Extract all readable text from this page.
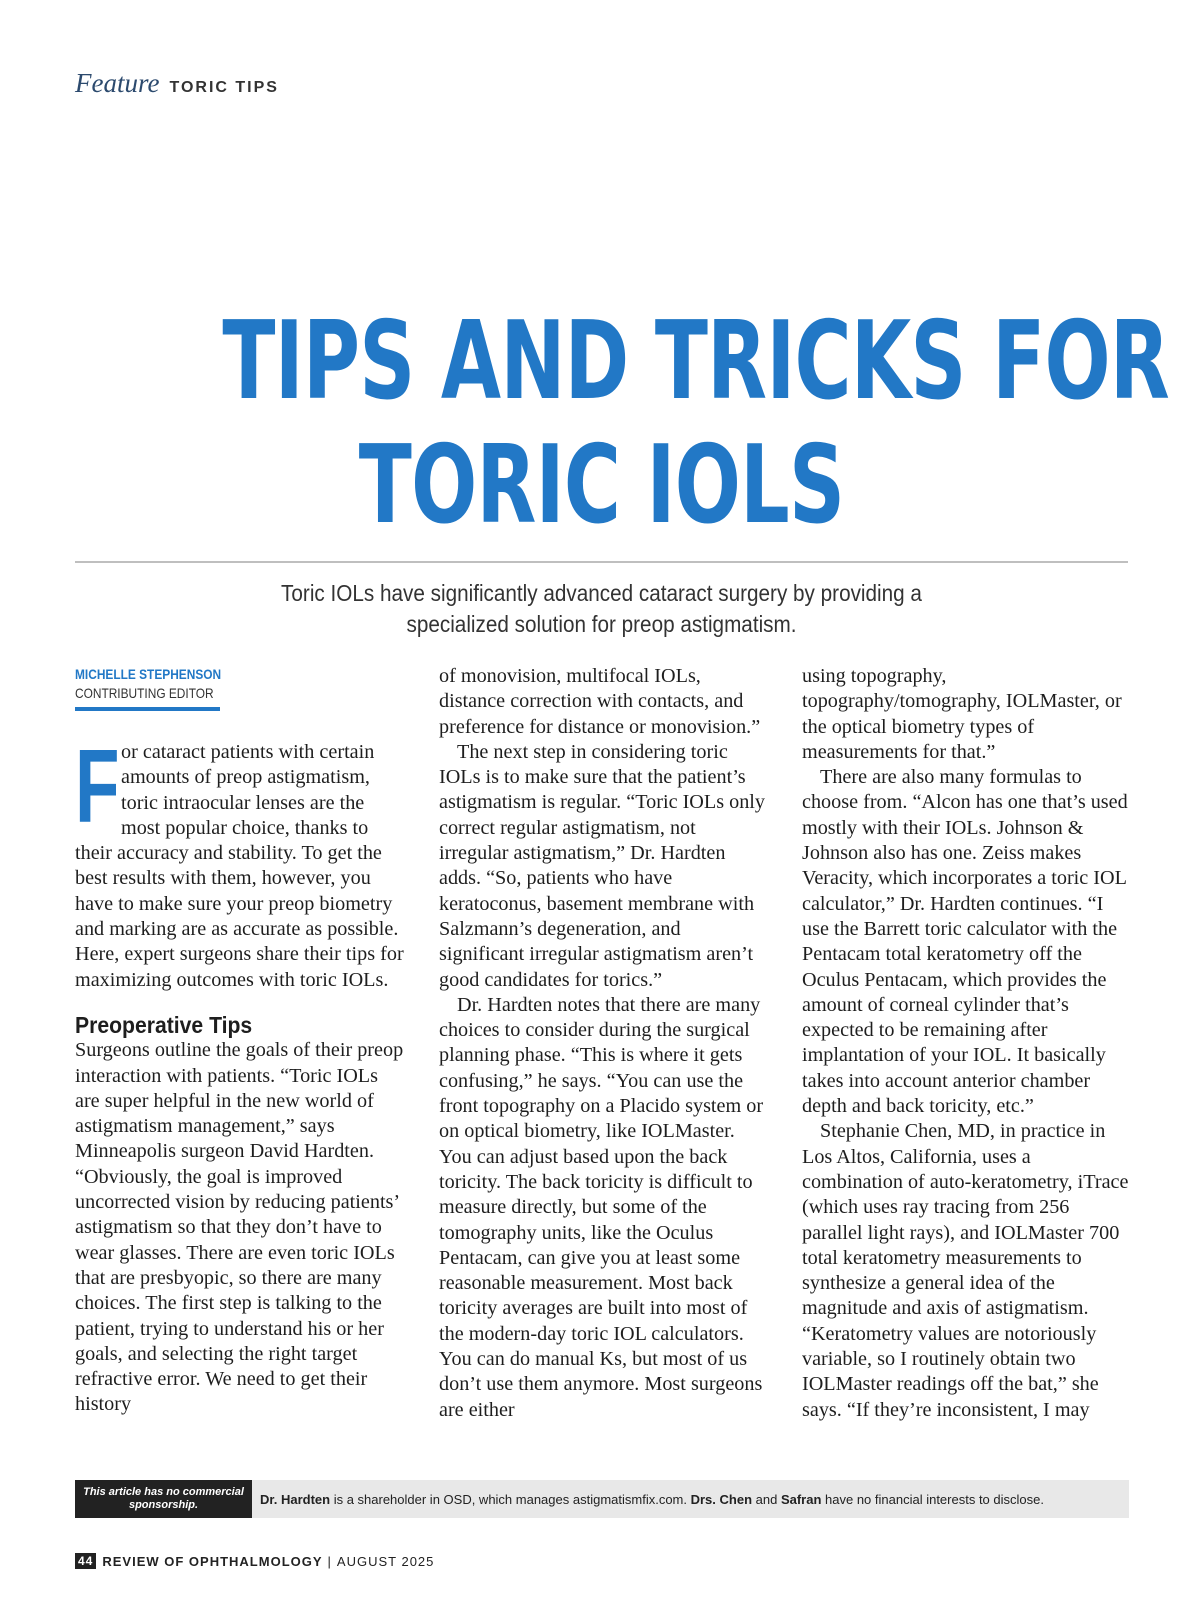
Feature TORIC TIPS
TIPS AND TRICKS FOR
TORIC IOLS
Toric IOLs have significantly advanced cataract surgery by providing a specialized solution for preop astigmatism.
MICHELLE STEPHENSON
CONTRIBUTING EDITOR

For cataract patients with certain amounts of preop astigmatism, toric intraocular lenses are the most popular choice, thanks to their accuracy and stability. To get the best results with them, however, you have to make sure your preop biometry and marking are as accurate as possible. Here, expert surgeons share their tips for maximizing outcomes with toric IOLs.

Preoperative Tips

Surgeons outline the goals of their preop interaction with patients. “Toric IOLs are super helpful in the new world of astigmatism management,” says Minneapolis surgeon David Hardten. “Obviously, the goal is improved uncorrected vision by reducing patients’ astigmatism so that they don’t have to wear glasses. There are even toric IOLs that are presbyopic, so there are many choices. The first step is talking to the patient, trying to understand his or her goals, and selecting the right target refractive error. We need to get their history

of monovision, multifocal IOLs, distance correction with contacts, and preference for distance or monovision.”

The next step in considering toric IOLs is to make sure that the patient’s astigmatism is regular. “Toric IOLs only correct regular astigmatism, not irregular astigmatism,” Dr. Hardten adds. “So, patients who have keratoconus, basement membrane with Salzmann’s degeneration, and significant irregular astigmatism aren’t good candidates for torics.”

Dr. Hardten notes that there are many choices to consider during the surgical planning phase. “This is where it gets confusing,” he says. “You can use the front topography on a Placido system or on optical biometry, like IOLMaster. You can adjust based upon the back toricity. The back toricity is difficult to measure directly, but some of the tomography units, like the Oculus Pentacam, can give you at least some reasonable measurement. Most back toricity averages are built into most of the modern-day toric IOL calculators. You can do manual Ks, but most of us don’t use them anymore. Most surgeons are either

using topography, topography/tomography, IOLMaster, or the optical biometry types of measurements for that.”

There are also many formulas to choose from. “Alcon has one that’s used mostly with their IOLs. Johnson & Johnson also has one. Zeiss makes Veracity, which incorporates a toric IOL calculator,” Dr. Hardten continues. “I use the Barrett toric calculator with the Pentacam total keratometry off the Oculus Pentacam, which provides the amount of corneal cylinder that’s expected to be remaining after implantation of your IOL. It basically takes into account anterior chamber depth and back toricity, etc.”

Stephanie Chen, MD, in practice in Los Altos, California, uses a combination of auto-keratometry, iTrace (which uses ray tracing from 256 parallel light rays), and IOLMaster 700 total keratometry measurements to synthesize a general idea of the magnitude and axis of astigmatism. “Keratometry values are notoriously variable, so I routinely obtain two IOLMaster readings off the bat,” she says. “If they’re inconsistent, I may

This article has no commercial sponsorship.	Dr. Hardten is a shareholder in OSD, which manages astigmatismfix.com. Drs. Chen and Safran have no financial interests to disclose.
44 REVIEW OF OPHTHALMOLOGY | AUGUST 2025
